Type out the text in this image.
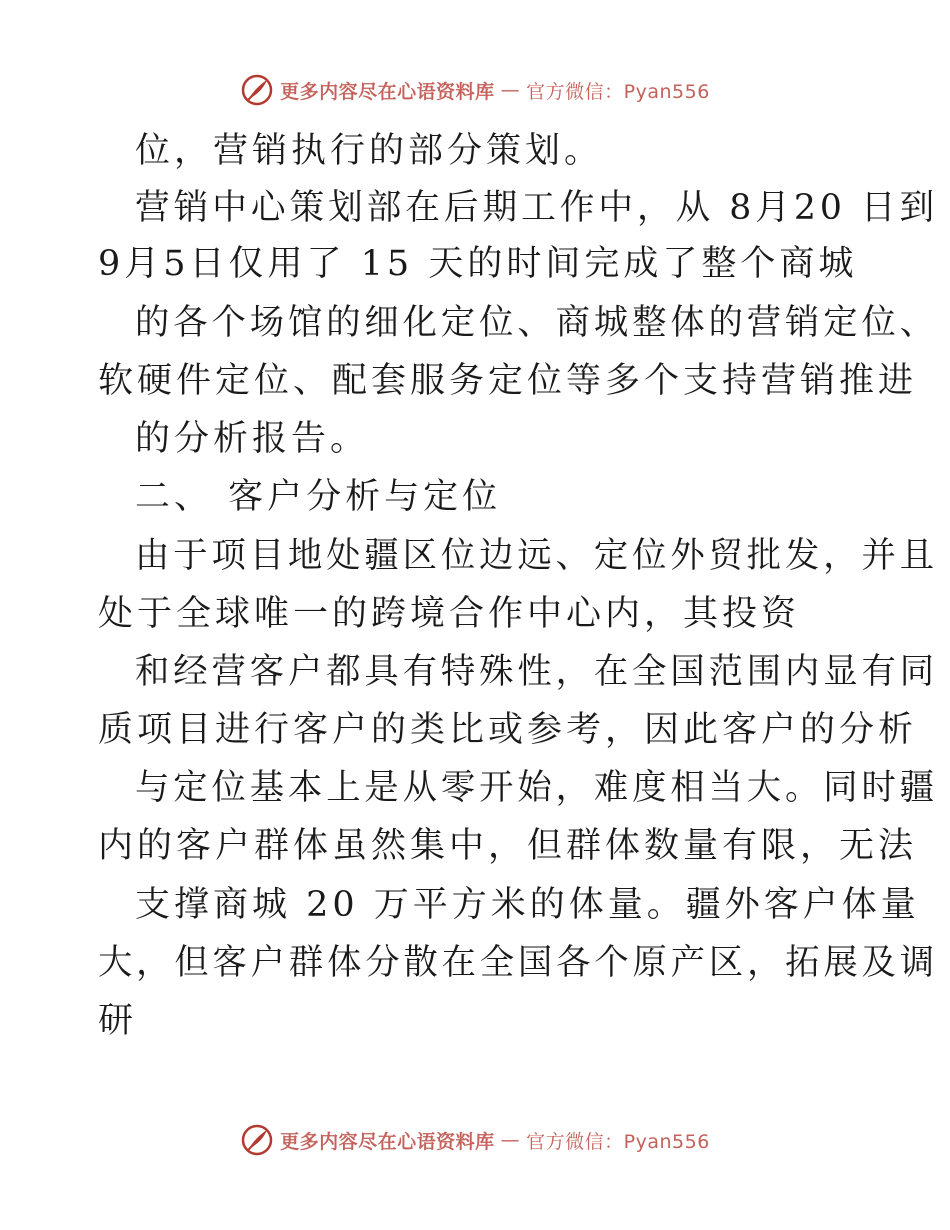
更多内容尽在心语资料库 — 官方微信：Pyan556
位，营销执行的部分策划。
营销中心策划部在后期工作中，从 8月20 日到
9月5日仅用了 15 天的时间完成了整个商城
的各个场馆的细化定位、商城整体的营销定位、
软硬件定位、配套服务定位等多个支持营销推进
的分析报告。
二、 客户分析与定位
由于项目地处疆区位边远、定位外贸批发，并且
处于全球唯一的跨境合作中心内，其投资
和经营客户都具有特殊性，在全国范围内显有同
质项目进行客户的类比或参考，因此客户的分析
与定位基本上是从零开始，难度相当大。同时疆
内的客户群体虽然集中，但群体数量有限，无法
支撑商城 20 万平方米的体量。疆外客户体量
大，但客户群体分散在全国各个原产区，拓展及调
研
更多内容尽在心语资料库 — 官方微信：Pyan556
